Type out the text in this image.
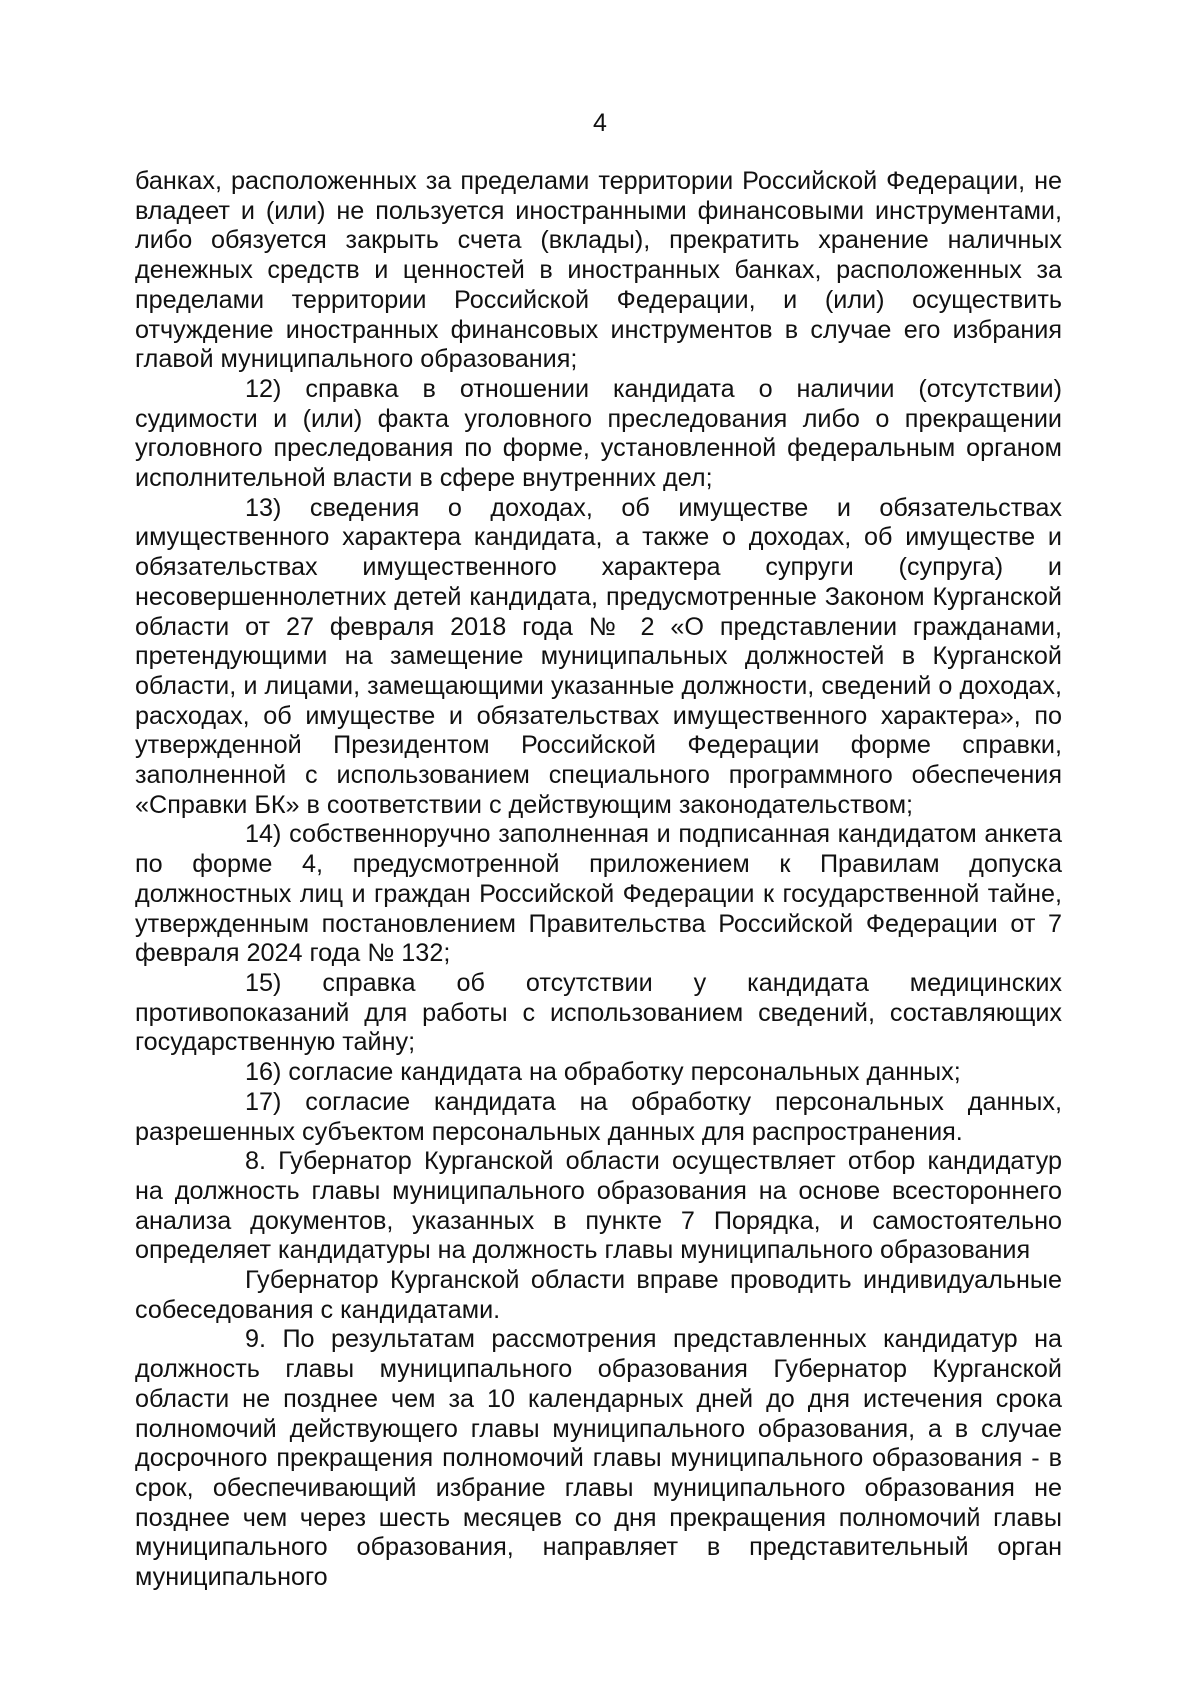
4

банках, расположенных за пределами территории Российской Федерации, не владеет и (или) не пользуется иностранными финансовыми инструментами, либо обязуется закрыть счета (вклады), прекратить хранение наличных денежных средств и ценностей в иностранных банках, расположенных за пределами территории Российской Федерации, и (или) осуществить отчуждение иностранных финансовых инструментов в случае его избрания главой муниципального образования;

12) справка в отношении кандидата о наличии (отсутствии) судимости и (или) факта уголовного преследования либо о прекращении уголовного преследования по форме, установленной федеральным органом исполнительной власти в сфере внутренних дел;

13) сведения о доходах, об имуществе и обязательствах имущественного характера кандидата, а также о доходах, об имуществе и обязательствах имущественного характера супруги (супруга) и несовершеннолетних детей кандидата, предусмотренные Законом Курганской области от 27 февраля 2018 года № 2 «О представлении гражданами, претендующими на замещение муниципальных должностей в Курганской области, и лицами, замещающими указанные должности, сведений о доходах, расходах, об имуществе и обязательствах имущественного характера», по утвержденной Президентом Российской Федерации форме справки, заполненной с использованием специального программного обеспечения «Справки БК» в соответствии с действующим законодательством;

14) собственноручно заполненная и подписанная кандидатом анкета по форме 4, предусмотренной приложением к Правилам допуска должностных лиц и граждан Российской Федерации к государственной тайне, утвержденным постановлением Правительства Российской Федерации от 7 февраля 2024 года № 132;

15) справка об отсутствии у кандидата медицинских противопоказаний для работы с использованием сведений, составляющих государственную тайну;

16) согласие кандидата на обработку персональных данных;

17) согласие кандидата на обработку персональных данных, разрешенных субъектом персональных данных для распространения.

8. Губернатор Курганской области осуществляет отбор кандидатур на должность главы муниципального образования на основе всестороннего анализа документов, указанных в пункте 7 Порядка, и самостоятельно определяет кандидатуры на должность главы муниципального образования

Губернатор Курганской области вправе проводить индивидуальные собеседования с кандидатами.

9. По результатам рассмотрения представленных кандидатур на должность главы муниципального образования Губернатор Курганской области не позднее чем за 10 календарных дней до дня истечения срока полномочий действующего главы муниципального образования, а в случае досрочного прекращения полномочий главы муниципального образования - в срок, обеспечивающий избрание главы муниципального образования не позднее чем через шесть месяцев со дня прекращения полномочий главы муниципального образования, направляет в представительный орган муниципального
